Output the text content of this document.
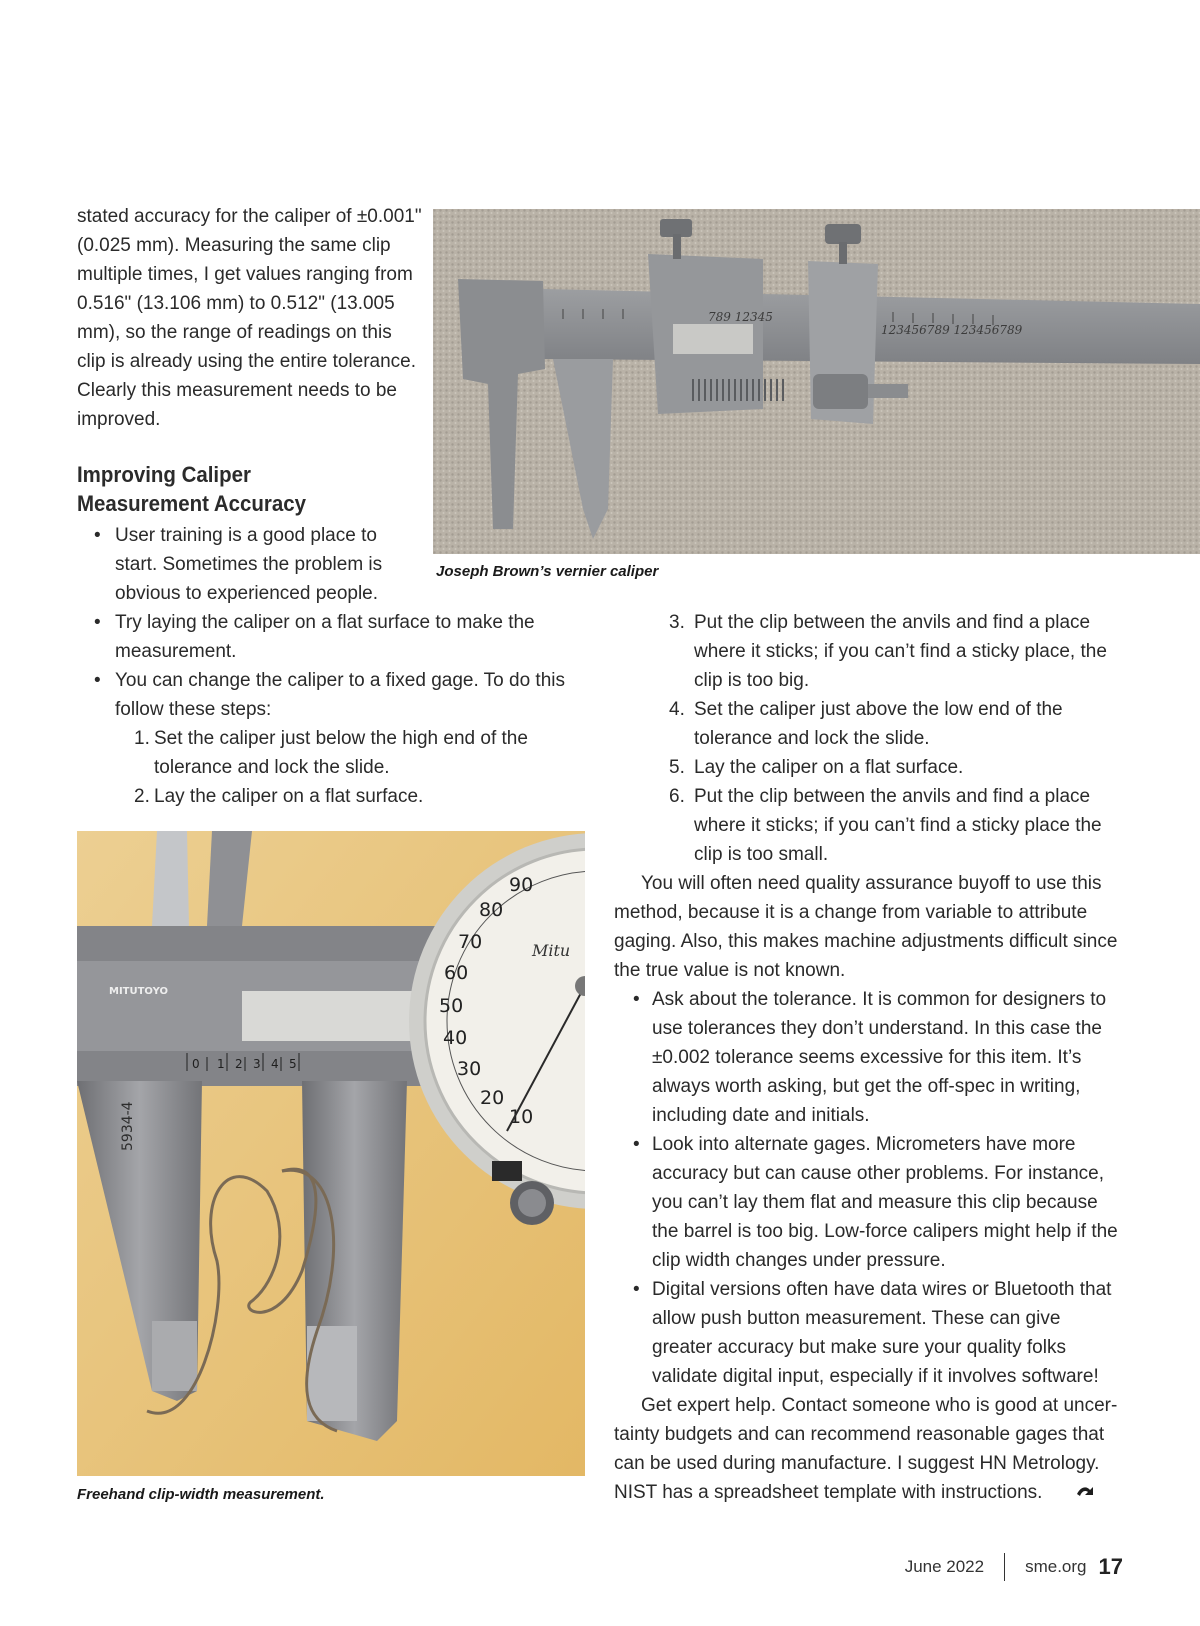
stated accuracy for the caliper of ±0.001" (0.025 mm). Measuring the same clip multiple times, I get values ranging from 0.516" (13.106 mm) to 0.512" (13.005 mm), so the range of readings on this clip is already using the entire tolerance. Clearly this measurement needs to be improved.
Improving Caliper
Measurement Accuracy
789 12345
123456789 123456789
Joseph Brown’s vernier caliper
• User training is a good place to start. Sometimes the problem is obvious to experienced people.
• Try laying the caliper on a flat surface to make the measurement.
• You can change the caliper to a fixed gage. To do this follow these steps:
1. Set the caliper just below the high end of the tolerance and lock the slide.
2. Lay the caliper on a flat surface.
MITUTOYO
0 1 2 3 4 5
5934-4
90
80
70
60
50
40
30
20
10
Mitu
Freehand clip-width measurement.
3. Put the clip between the anvils and find a place where it sticks; if you can’t find a sticky place, the clip is too big.
4. Set the caliper just above the low end of the tolerance and lock the slide.
5. Lay the caliper on a flat surface.
6. Put the clip between the anvils and find a place where it sticks; if you can’t find a sticky place the clip is too small.
You will often need quality assurance buyoff to use this method, because it is a change from variable to attribute gaging. Also, this makes machine adjustments difficult since the true value is not known.
• Ask about the tolerance. It is common for designers to use tolerances they don’t understand. In this case the ±0.002 tolerance seems excessive for this item. It’s always worth asking, but get the off-spec in writing, including date and initials.
• Look into alternate gages. Micrometers have more accuracy but can cause other problems. For instance, you can’t lay them flat and measure this clip because the barrel is too big. Low-force calipers might help if the clip width changes under pressure.
• Digital versions often have data wires or Bluetooth that allow push button measurement. These can give greater accuracy but make sure your quality folks validate digital input, especially if it involves software!
Get expert help. Contact someone who is good at uncer-tainty budgets and can recommend reasonable gages that can be used during manufacture. I suggest HN Metrology. NIST has a spreadsheet template with instructions.
June 2022 sme.org 17
